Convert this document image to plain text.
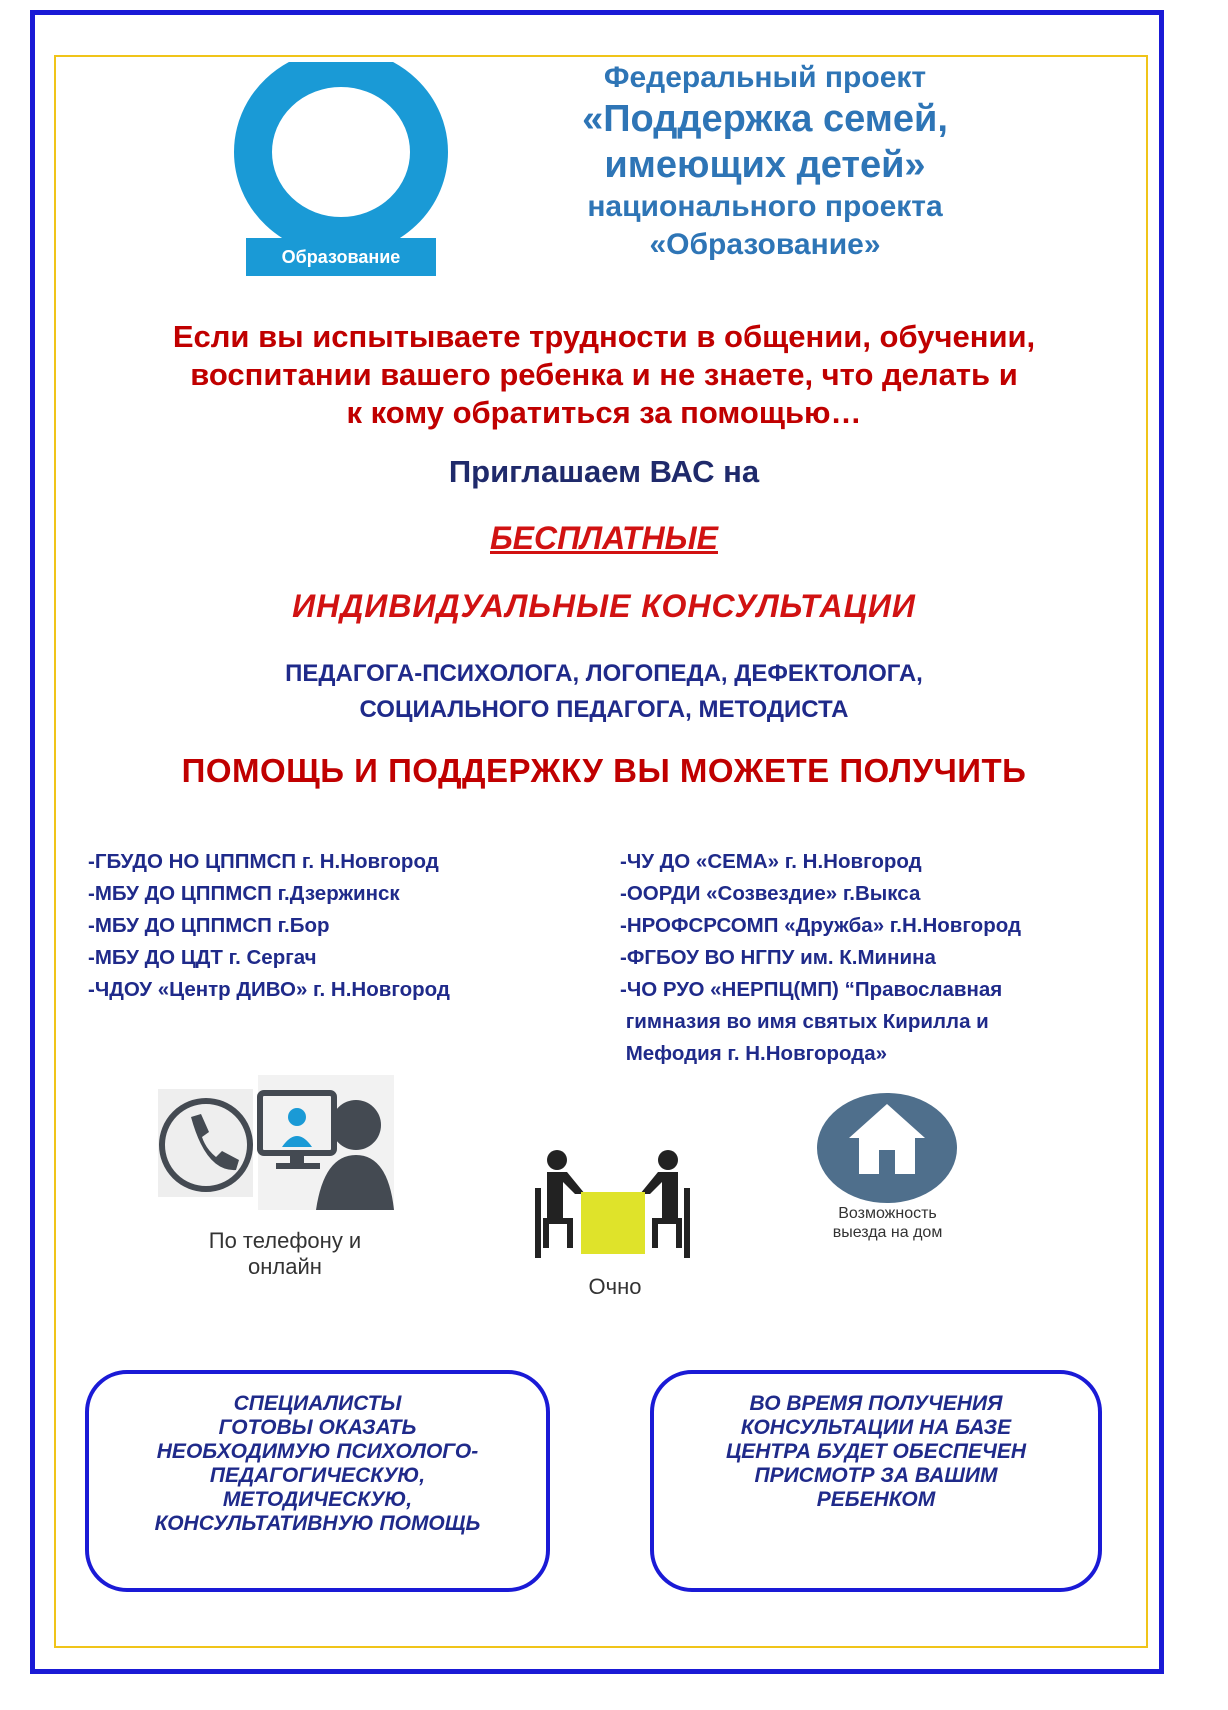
Образование
Федеральный проект
«Поддержка семей,
имеющих детей»
национального проекта
«Образование»
Если вы испытываете трудности в общении, обучении,
воспитании вашего ребенка и не знаете, что делать и
к кому обратиться за помощью…
Приглашаем ВАС на
БЕСПЛАТНЫЕ
ИНДИВИДУАЛЬНЫЕ КОНСУЛЬТАЦИИ
ПЕДАГОГА-ПСИХОЛОГА, ЛОГОПЕДА, ДЕФЕКТОЛОГА,
СОЦИАЛЬНОГО ПЕДАГОГА, МЕТОДИСТА
ПОМОЩЬ И ПОДДЕРЖКУ ВЫ МОЖЕТЕ ПОЛУЧИТЬ
-ГБУДО НО ЦППМСП г. Н.Новгород
-МБУ ДО ЦППМСП г.Дзержинск
-МБУ ДО ЦППМСП г.Бор
-МБУ ДО ЦДТ г. Сергач
-ЧДОУ «Центр ДИВО» г. Н.Новгород
-ЧУ ДО «СЕМА» г. Н.Новгород
-ООРДИ «Созвездие» г.Выкса
-НРОФСРСОМП «Дружба» г.Н.Новгород
-ФГБОУ ВО НГПУ им. К.Минина
-ЧО РУО «НЕРПЦ(МП) “Православная
гимназия во имя святых Кирилла и
Мефодия г. Н.Новгорода»
По телефону и
онлайн
Очно
Возможность
выезда на дом
СПЕЦИАЛИСТЫ
ГОТОВЫ ОКАЗАТЬ
НЕОБХОДИМУЮ ПСИХОЛОГО-
ПЕДАГОГИЧЕСКУЮ,
МЕТОДИЧЕСКУЮ,
КОНСУЛЬТАТИВНУЮ ПОМОЩЬ
ВО ВРЕМЯ ПОЛУЧЕНИЯ
КОНСУЛЬТАЦИИ НА БАЗЕ
ЦЕНТРА БУДЕТ ОБЕСПЕЧЕН
ПРИСМОТР ЗА ВАШИМ
РЕБЕНКОМ
